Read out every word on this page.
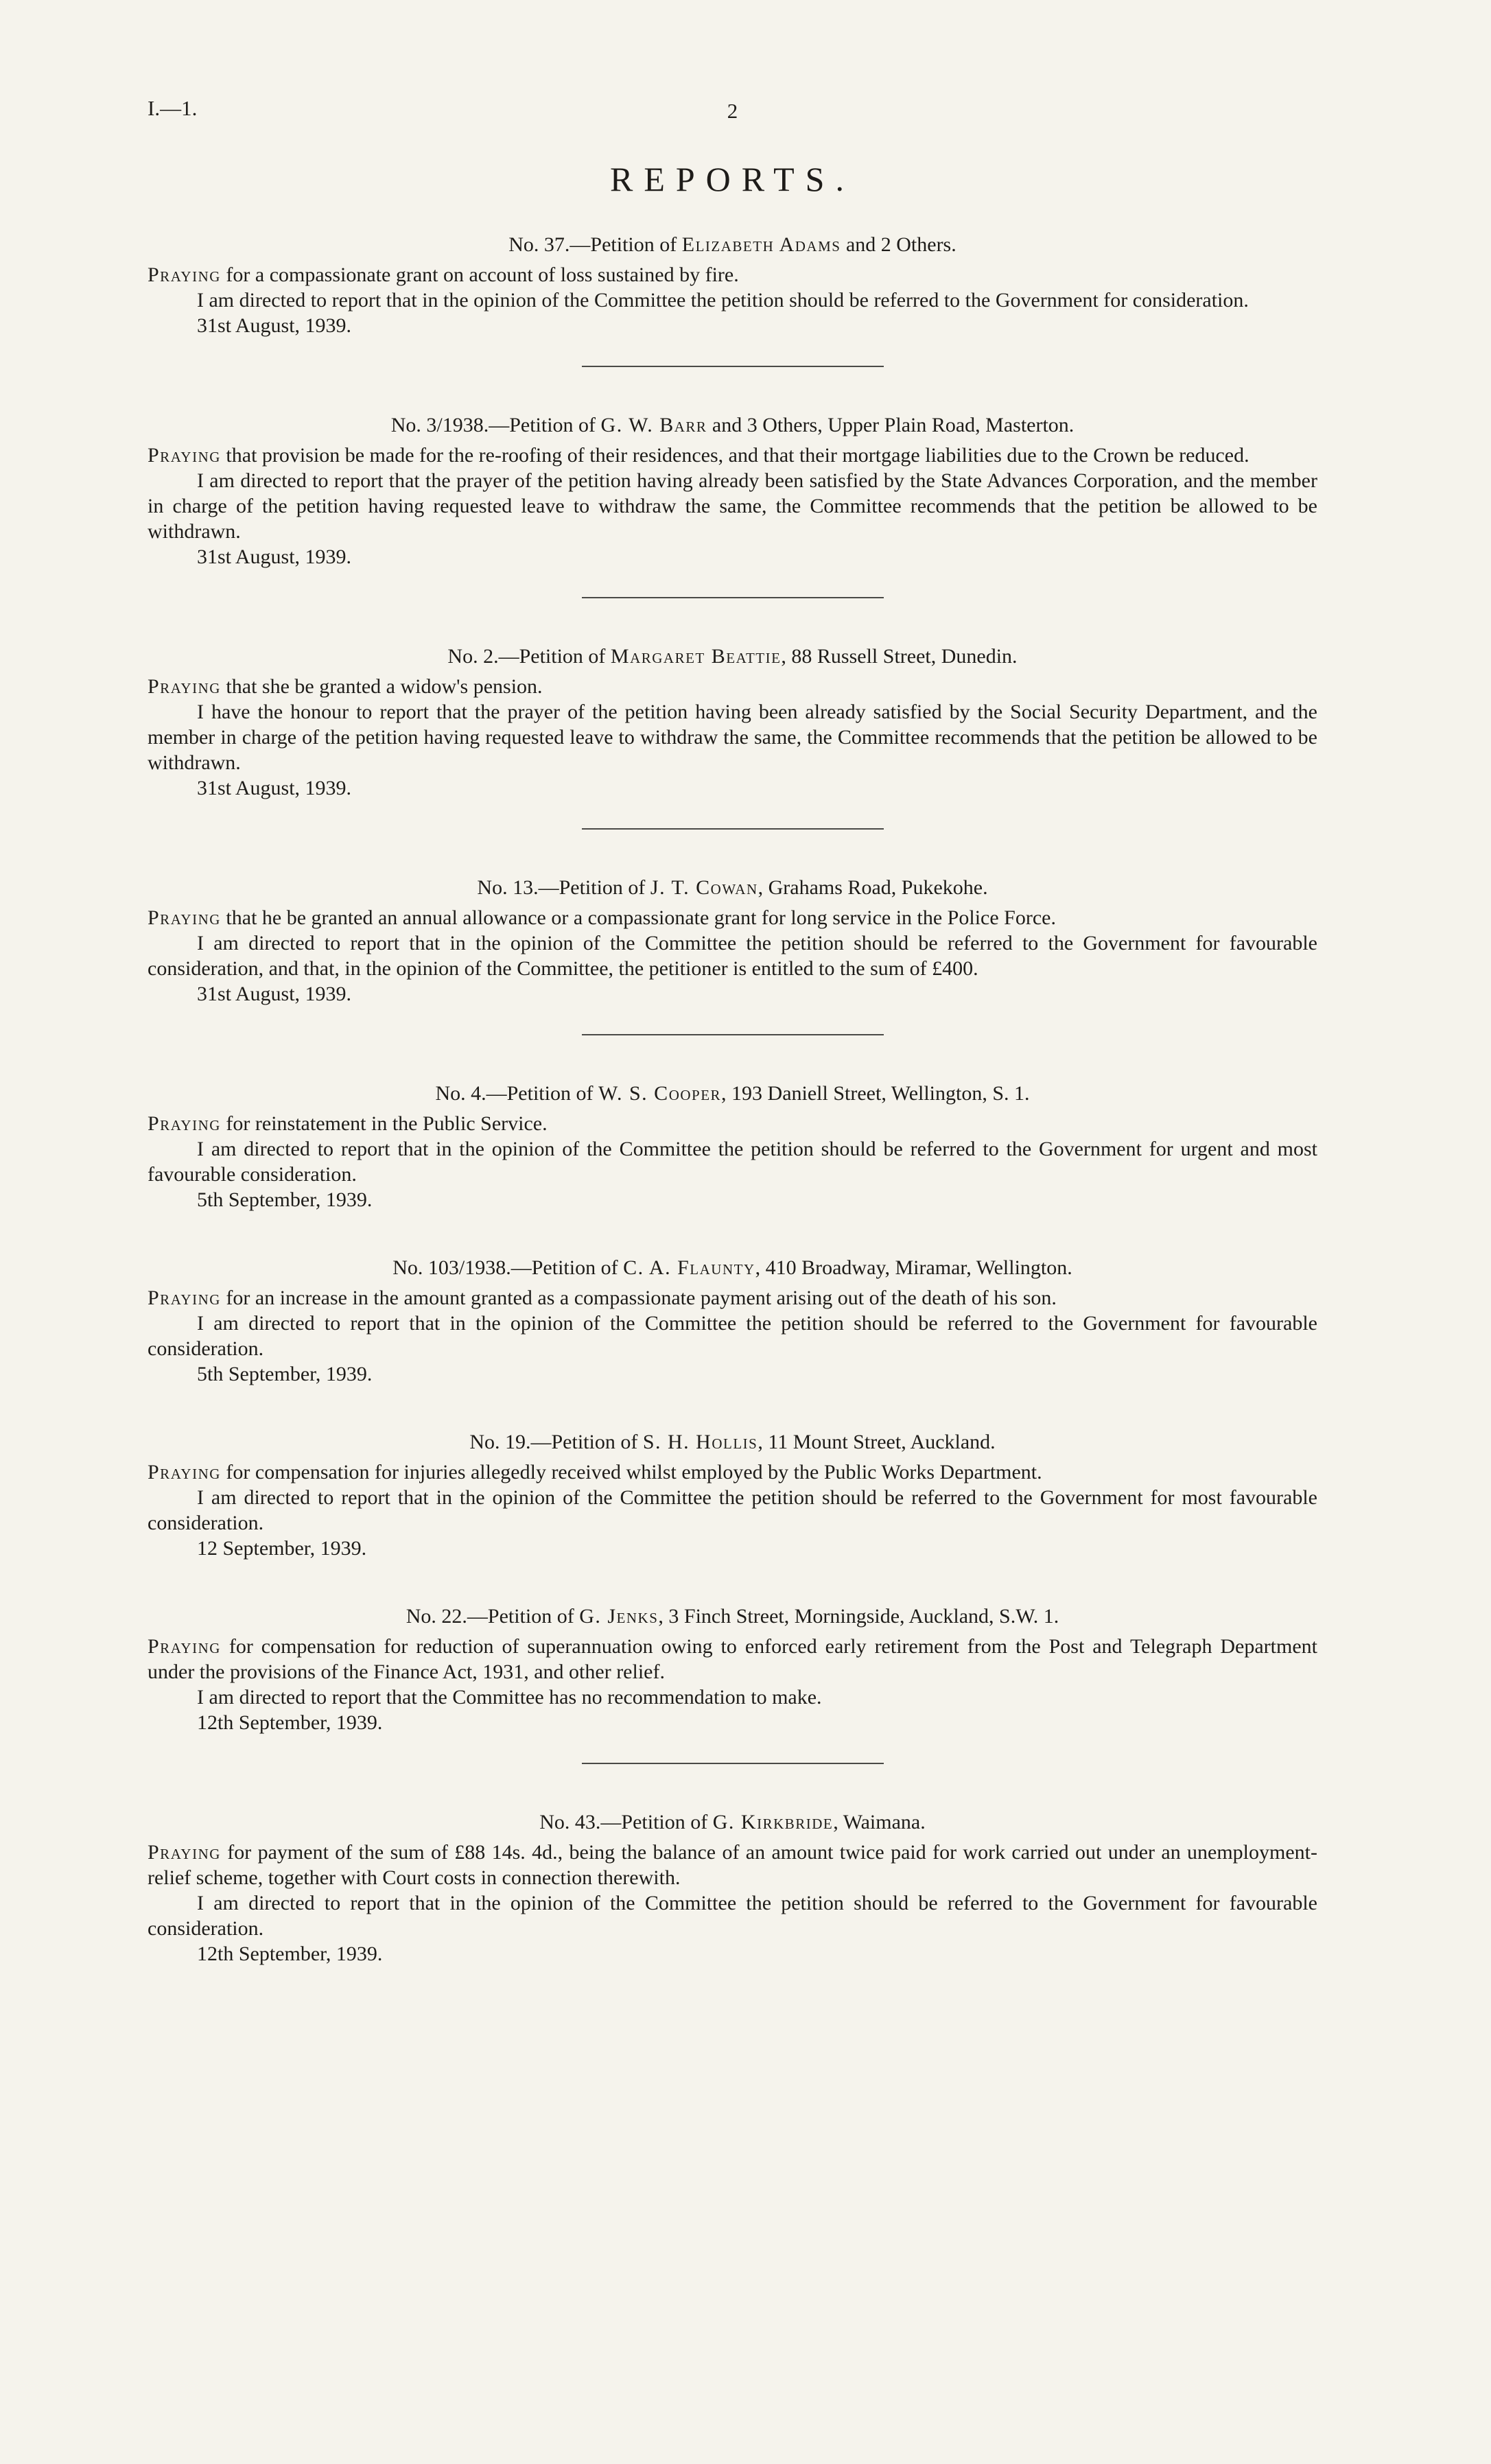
I.—1.	2
REPORTS.
No. 37.—Petition of Elizabeth Adams and 2 Others.

Praying for a compassionate grant on account of loss sustained by fire.

I am directed to report that in the opinion of the Committee the petition should be referred to the Government for consideration.

31st August, 1939.

No. 3/1938.—Petition of G. W. Barr and 3 Others, Upper Plain Road, Masterton.

Praying that provision be made for the re-roofing of their residences, and that their mortgage liabilities due to the Crown be reduced.

I am directed to report that the prayer of the petition having already been satisfied by the State Advances Corporation, and the member in charge of the petition having requested leave to withdraw the same, the Committee recommends that the petition be allowed to be withdrawn.

31st August, 1939.

No. 2.—Petition of Margaret Beattie, 88 Russell Street, Dunedin.

Praying that she be granted a widow's pension.

I have the honour to report that the prayer of the petition having been already satisfied by the Social Security Department, and the member in charge of the petition having requested leave to withdraw the same, the Committee recommends that the petition be allowed to be withdrawn.

31st August, 1939.

No. 13.—Petition of J. T. Cowan, Grahams Road, Pukekohe.

Praying that he be granted an annual allowance or a compassionate grant for long service in the Police Force.

I am directed to report that in the opinion of the Committee the petition should be referred to the Government for favourable consideration, and that, in the opinion of the Committee, the petitioner is entitled to the sum of £400.

31st August, 1939.

No. 4.—Petition of W. S. Cooper, 193 Daniell Street, Wellington, S. 1.

Praying for reinstatement in the Public Service.

I am directed to report that in the opinion of the Committee the petition should be referred to the Government for urgent and most favourable consideration.

5th September, 1939.

No. 103/1938.—Petition of C. A. Flaunty, 410 Broadway, Miramar, Wellington.

Praying for an increase in the amount granted as a compassionate payment arising out of the death of his son.

I am directed to report that in the opinion of the Committee the petition should be referred to the Government for favourable consideration.

5th September, 1939.

No. 19.—Petition of S. H. Hollis, 11 Mount Street, Auckland.

Praying for compensation for injuries allegedly received whilst employed by the Public Works Department.

I am directed to report that in the opinion of the Committee the petition should be referred to the Government for most favourable consideration.

12 September, 1939.

No. 22.—Petition of G. Jenks, 3 Finch Street, Morningside, Auckland, S.W. 1.

Praying for compensation for reduction of superannuation owing to enforced early retirement from the Post and Telegraph Department under the provisions of the Finance Act, 1931, and other relief.

I am directed to report that the Committee has no recommendation to make.

12th September, 1939.

No. 43.—Petition of G. Kirkbride, Waimana.

Praying for payment of the sum of £88 14s. 4d., being the balance of an amount twice paid for work carried out under an unemployment-relief scheme, together with Court costs in connection therewith.

I am directed to report that in the opinion of the Committee the petition should be referred to the Government for favourable consideration.

12th September, 1939.
